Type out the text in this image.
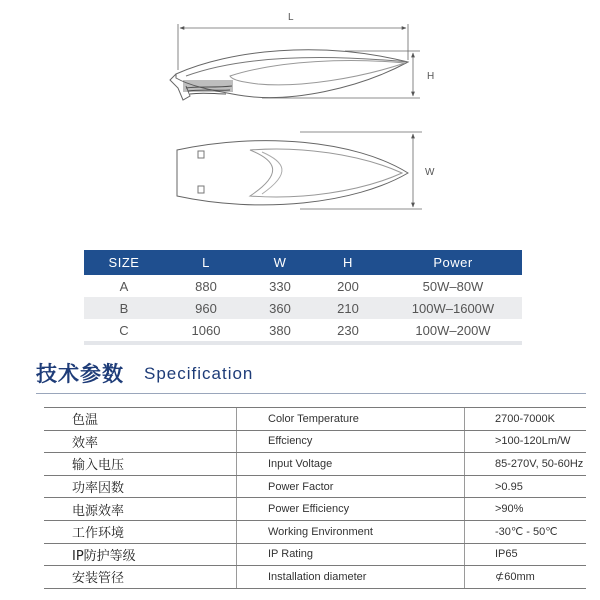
L
H
W
SIZE	L	W	H	Power
A	880	330	200	50W–80W
B	960	360	210	100W–1600W
C	1060	380	230	100W–200W
技术参数 Specification
色温	Color Temperature	2700-7000K
效率	Effciency	>100-120Lm/W
输入电压	Input Voltage	85-270V, 50-60Hz
功率因数	Power Factor	>0.95
电源效率	Power Efficiency	>90%
工作环境	Working Environment	-30℃ - 50℃
IP防护等级	IP Rating	IP65
安装管径	Installation diameter	⊄60mm
